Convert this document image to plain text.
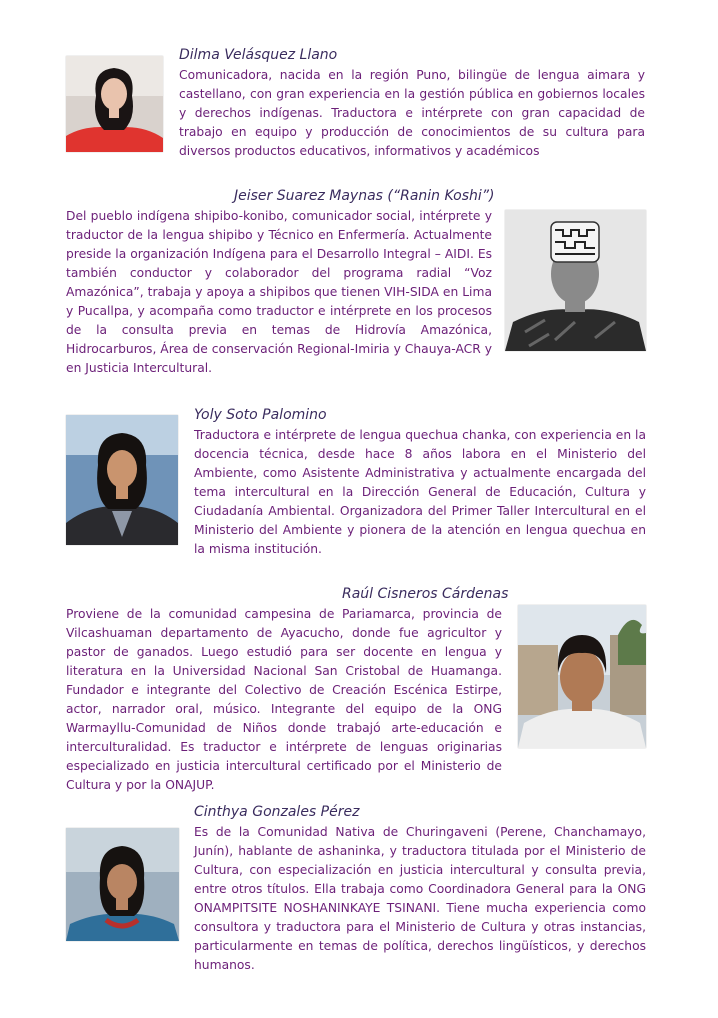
Dilma Velásquez Llano

Comunicadora, nacida en la región Puno, bilingüe de lengua aimara y castellano, con gran experiencia en la gestión pública en gobiernos locales y derechos indígenas. Traductora e intérprete con gran capacidad de trabajo en equipo y producción de conocimientos de su cultura para diversos productos educativos, informativos y académicos

Jeiser Suarez Maynas (“Ranin Koshi”)

Del pueblo indígena shipibo-konibo, comunicador social, intérprete y traductor de la lengua shipibo y Técnico en Enfermería. Actualmente preside la organización Indígena para el Desarrollo Integral – AIDI. Es también conductor y colaborador del programa radial “Voz Amazónica”, trabaja y apoya a shipibos que tienen VIH-SIDA en Lima y Pucallpa, y acompaña como traductor e intérprete en los procesos de la consulta previa en temas de Hidrovía Amazónica, Hidrocarburos, Área de conservación Regional-Imiria y Chauya-ACR y en Justicia Intercultural.

Yoly Soto Palomino

Traductora e intérprete de lengua quechua chanka, con experiencia en la docencia técnica, desde hace 8 años labora en el Ministerio del Ambiente, como Asistente Administrativa y actualmente encargada del tema intercultural en la Dirección General de Educación, Cultura y Ciudadanía Ambiental. Organizadora del Primer Taller Intercultural en el Ministerio del Ambiente y pionera de la atención en lengua quechua en la misma institución.

Raúl Cisneros Cárdenas

Proviene de la comunidad campesina de Pariamarca, provincia de Vilcashuaman departamento de Ayacucho, donde fue agricultor y pastor de ganados. Luego estudió para ser docente en lengua y literatura en la Universidad Nacional San Cristobal de Huamanga. Fundador e integrante del Colectivo de Creación Escénica Estirpe, actor, narrador oral, músico. Integrante del equipo de la ONG Warmayllu-Comunidad de Niños donde trabajó arte-educación e interculturalidad. Es traductor e intérprete de lenguas originarias especializado en justicia intercultural certificado por el Ministerio de Cultura y por la ONAJUP.

Cinthya Gonzales Pérez

Es de la Comunidad Nativa de Churingaveni (Perene, Chanchamayo, Junín), hablante de ashaninka, y traductora titulada por el Ministerio de Cultura, con especialización en justicia intercultural y consulta previa, entre otros títulos. Ella trabaja como Coordinadora General para la ONG ONAMPITSITE NOSHANINKAYE TSINANI. Tiene mucha experiencia como consultora y traductora para el Ministerio de Cultura y otras instancias, particularmente en temas de política, derechos lingüísticos, y derechos humanos.
